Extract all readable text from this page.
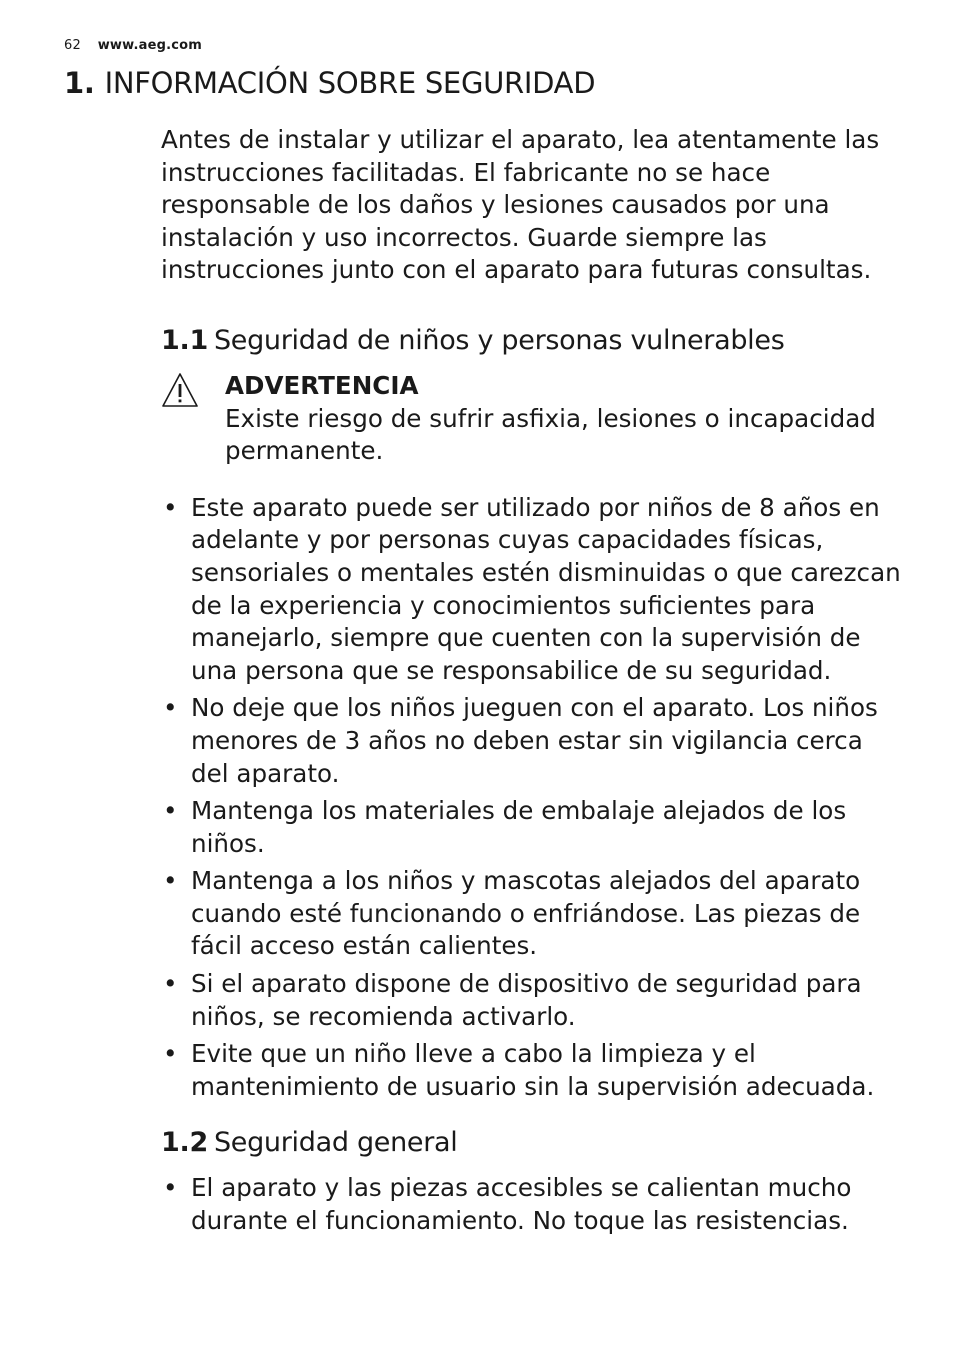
62 www.aeg.com
1. INFORMACIÓN SOBRE SEGURIDAD

Antes de instalar y utilizar el aparato, lea atentamente las instrucciones facilitadas. El fabricante no se hace responsable de los daños y lesiones causados por una instalación y uso incorrectos. Guarde siempre las instrucciones junto con el aparato para futuras consultas.

1.1 Seguridad de niños y personas vulnerables

ADVERTENCIA

Existe riesgo de sufrir asfixia, lesiones o incapacidad permanente.

• Este aparato puede ser utilizado por niños de 8 años en adelante y por personas cuyas capacidades físicas, sensoriales o mentales estén disminuidas o que carezcan de la experiencia y conocimientos suficientes para manejarlo, siempre que cuenten con la supervisión de una persona que se responsabilice de su seguridad.
• No deje que los niños jueguen con el aparato. Los niños menores de 3 años no deben estar sin vigilancia cerca del aparato.
• Mantenga los materiales de embalaje alejados de los niños.
• Mantenga a los niños y mascotas alejados del aparato cuando esté funcionando o enfriándose. Las piezas de fácil acceso están calientes.
• Si el aparato dispone de dispositivo de seguridad para niños, se recomienda activarlo.
• Evite que un niño lleve a cabo la limpieza y el mantenimiento de usuario sin la supervisión adecuada.
1.2 Seguridad general
• El aparato y las piezas accesibles se calientan mucho durante el funcionamiento. No toque las resistencias.
